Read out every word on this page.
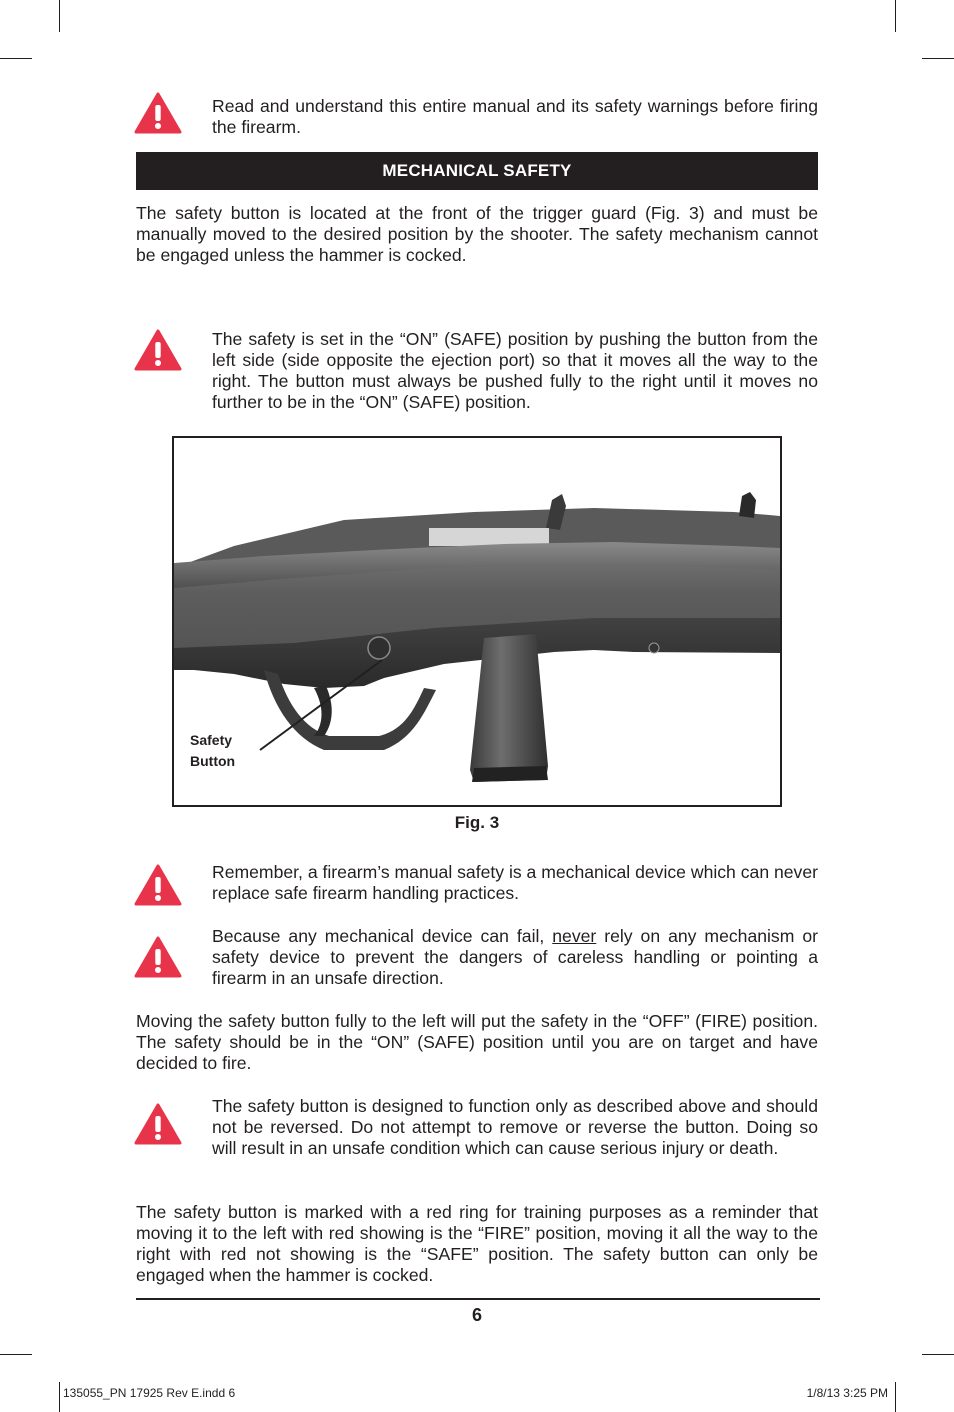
Read and understand this entire manual and its safety warnings before firing the firearm.

MECHANICAL SAFETY

The safety button is located at the front of the trigger guard (Fig. 3) and must be manually moved to the desired position by the shooter. The safety mechanism cannot be engaged unless the hammer is cocked.

The safety is set in the “ON” (SAFE) position by pushing the button from the left side (side opposite the ejection port) so that it moves all the way to the right. The button must always be pushed fully to the right until it moves no further to be in the “ON” (SAFE) position.

Safety
Button
Fig. 3

Remember, a firearm’s manual safety is a mechanical device which can never replace safe firearm handling practices.

Because any mechanical device can fail, never rely on any mechanism or safety device to prevent the dangers of careless handling or pointing a firearm in an unsafe direction.

Moving the safety button fully to the left will put the safety in the “OFF” (FIRE) position. The safety should be in the “ON” (SAFE) position until you are on target and have decided to fire.

The safety button is designed to function only as described above and should not be reversed. Do not attempt to remove or reverse the button. Doing so will result in an unsafe condition which can cause serious injury or death.

The safety button is marked with a red ring for training purposes as a reminder that moving it to the left with red showing is the “FIRE” position, moving it all the way to the right with red not showing is the “SAFE” position. The safety button can only be engaged when the hammer is cocked.

6
135055_PN 17925 Rev E.indd 6	1/8/13 3:25 PM
